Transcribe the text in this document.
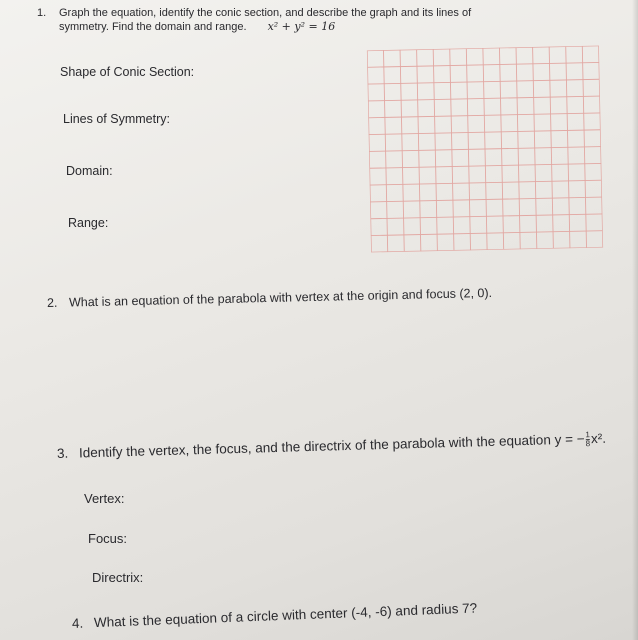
1. Graph the equation, identify the conic section, and describe the graph and its lines of
symmetry. Find the domain and range. x² + y² = 16
Shape of Conic Section:
Lines of Symmetry:
Domain:
Range:
2. What is an equation of the parabola with vertex at the origin and focus (2, 0).
3. Identify the vertex, the focus, and the directrix of the parabola with the equation y = − $\frac{1}{8} x^2$.
Vertex:
Focus:
Directrix:
4. What is the equation of a circle with center (-4, -6) and radius 7?
